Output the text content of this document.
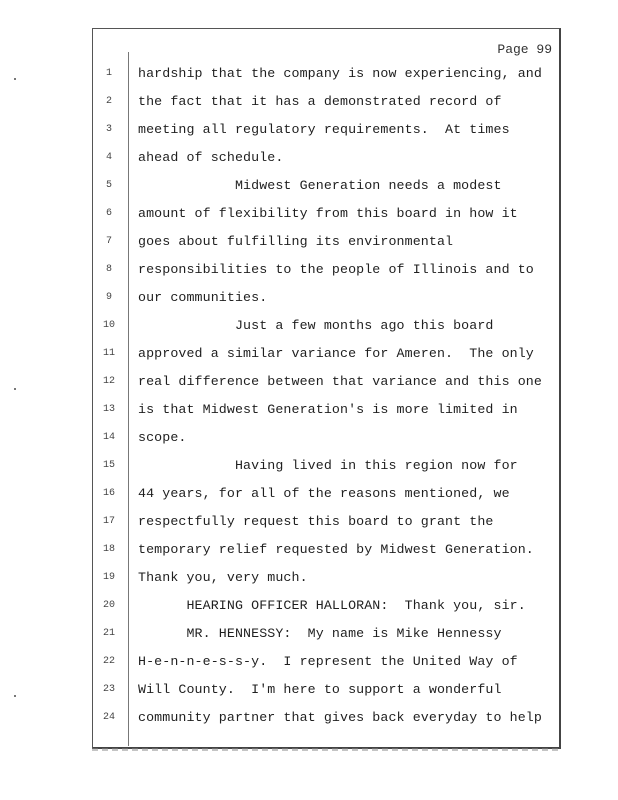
Page 99
1	hardship that the company is now experiencing, and
2	the fact that it has a demonstrated record of
3	meeting all regulatory requirements.  At times
4	ahead of schedule.
5	Midwest Generation needs a modest
6	amount of flexibility from this board in how it
7	goes about fulfilling its environmental
8	responsibilities to the people of Illinois and to
9	our communities.
10	Just a few months ago this board
11	approved a similar variance for Ameren.  The only
12	real difference between that variance and this one
13	is that Midwest Generation's is more limited in
14	scope.
15	Having lived in this region now for
16	44 years, for all of the reasons mentioned, we
17	respectfully request this board to grant the
18	temporary relief requested by Midwest Generation.
19	Thank you, very much.
20	HEARING OFFICER HALLORAN:  Thank you, sir.
21	MR. HENNESSY:  My name is Mike Hennessy
22	H-e-n-n-e-s-s-y.  I represent the United Way of
23	Will County.  I'm here to support a wonderful
24	community partner that gives back everyday to help
